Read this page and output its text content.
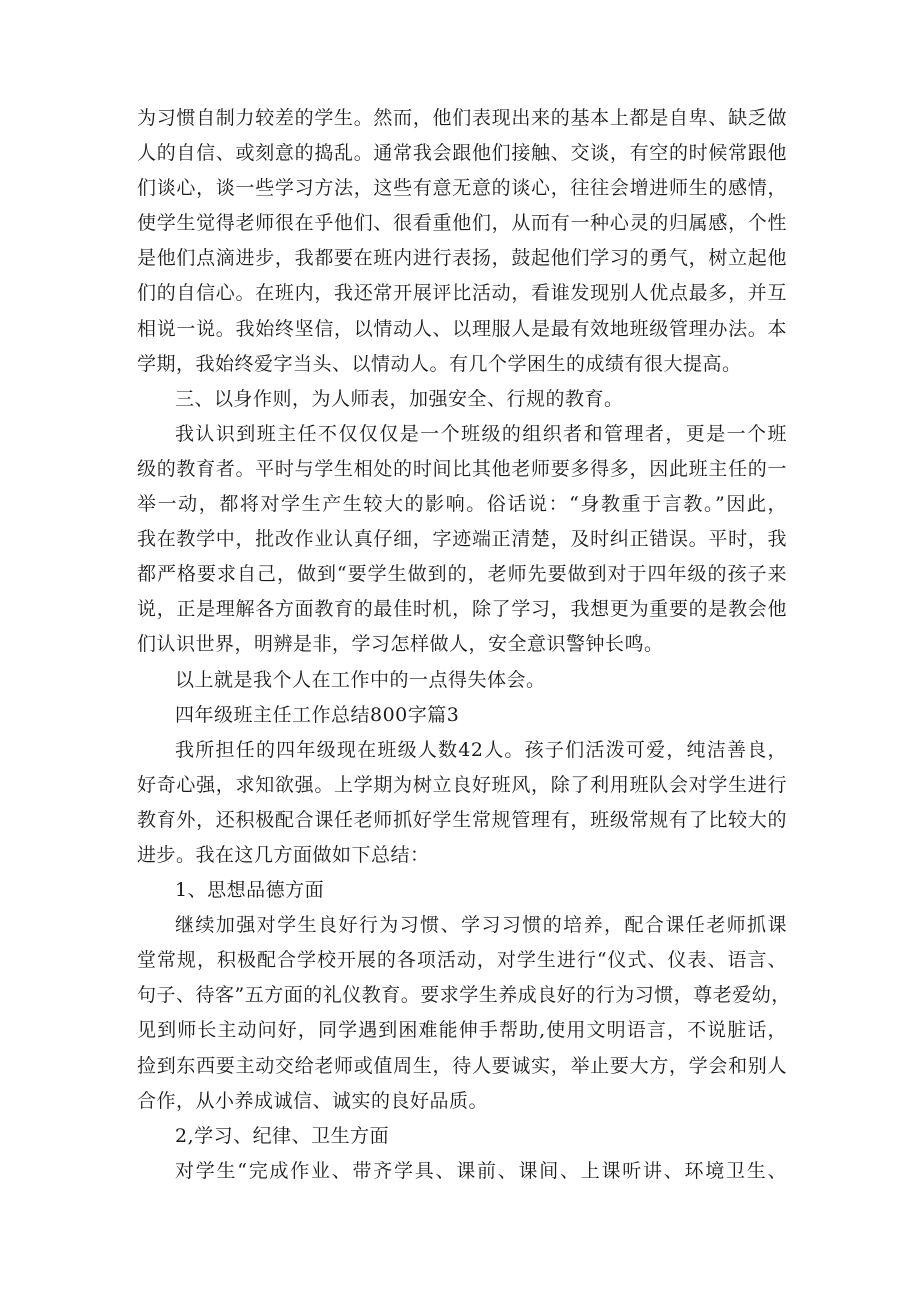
为习惯自制力较差的学生。然而，他们表现出来的基本上都是自卑、缺乏做
人的自信、或刻意的捣乱。通常我会跟他们接触、交谈，有空的时候常跟他
们谈心，谈一些学习方法，这些有意无意的谈心，往往会增进师生的感情，
使学生觉得老师很在乎他们、很看重他们，从而有一种心灵的归属感，个性
是他们点滴进步，我都要在班内进行表扬，鼓起他们学习的勇气，树立起他
们的自信心。在班内，我还常开展评比活动，看谁发现别人优点最多，并互
相说一说。我始终坚信，以情动人、以理服人是最有效地班级管理办法。本
学期，我始终爱字当头、以情动人。有几个学困生的成绩有很大提高。
三、以身作则，为人师表，加强安全、行规的教育。
我认识到班主任不仅仅仅是一个班级的组织者和管理者，更是一个班
级的教育者。平时与学生相处的时间比其他老师要多得多，因此班主任的一
举一动，都将对学生产生较大的影响。俗话说：“身教重于言教。”因此，
我在教学中，批改作业认真仔细，字迹端正清楚，及时纠正错误。平时，我
都严格要求自己，做到“要学生做到的，老师先要做到对于四年级的孩子来
说，正是理解各方面教育的最佳时机，除了学习，我想更为重要的是教会他
们认识世界，明辨是非，学习怎样做人，安全意识警钟长鸣。
以上就是我个人在工作中的一点得失体会。
四年级班主任工作总结800字篇3
我所担任的四年级现在班级人数42人。孩子们活泼可爱，纯洁善良，
好奇心强，求知欲强。上学期为树立良好班风，除了利用班队会对学生进行
教育外，还积极配合课任老师抓好学生常规管理有，班级常规有了比较大的
进步。我在这几方面做如下总结：
1、思想品德方面
继续加强对学生良好行为习惯、学习习惯的培养，配合课任老师抓课
堂常规，积极配合学校开展的各项活动，对学生进行“仪式、仪表、语言、
句子、待客”五方面的礼仪教育。要求学生养成良好的行为习惯，尊老爱幼，
见到师长主动问好，同学遇到困难能伸手帮助,使用文明语言，不说脏话，
捡到东西要主动交给老师或值周生，待人要诚实，举止要大方，学会和别人
合作，从小养成诚信、诚实的良好品质。
2,学习、纪律、卫生方面
对学生“完成作业、带齐学具、课前、课间、上课听讲、环境卫生、
